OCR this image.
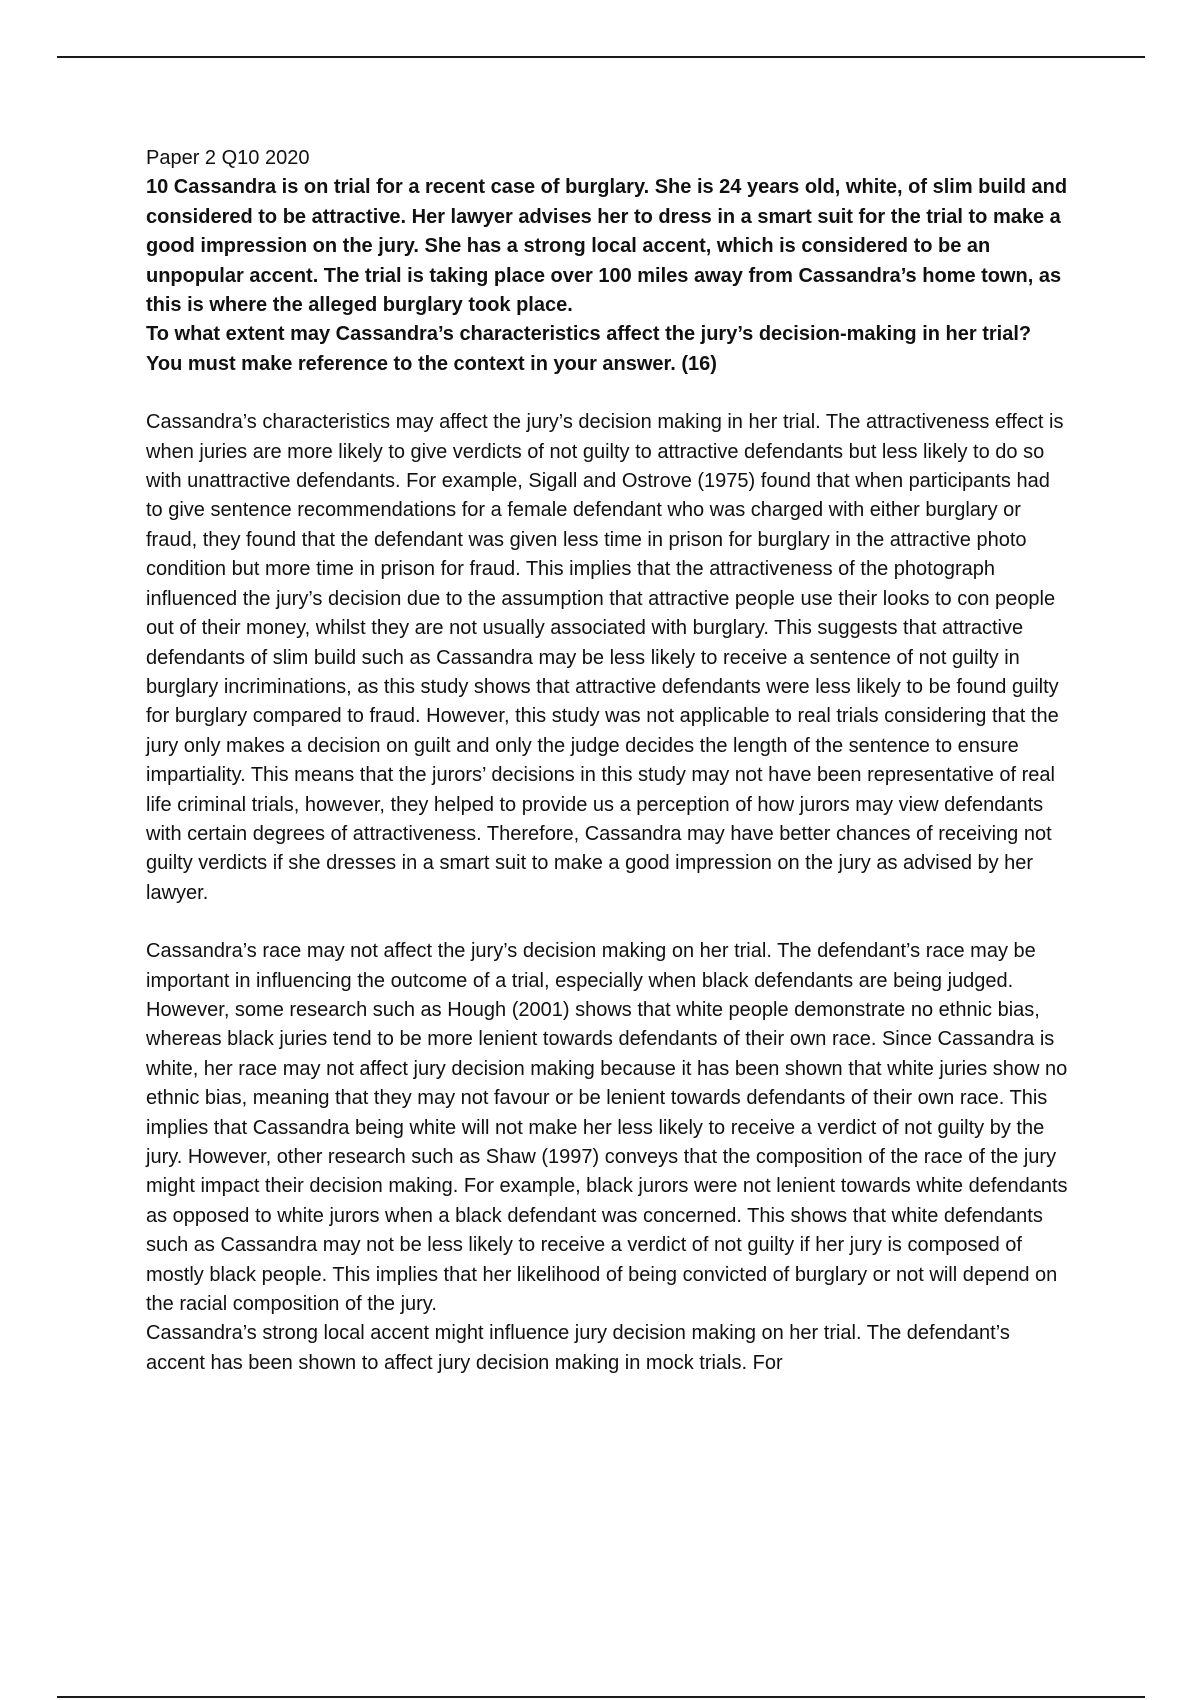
Paper 2 Q10 2020

10 Cassandra is on trial for a recent case of burglary. She is 24 years old, white, of slim build and considered to be attractive. Her lawyer advises her to dress in a smart suit for the trial to make a good impression on the jury. She has a strong local accent, which is considered to be an unpopular accent. The trial is taking place over 100 miles away from Cassandra’s home town, as this is where the alleged burglary took place.

To what extent may Cassandra’s characteristics affect the jury’s decision-making in her trial?

You must make reference to the context in your answer. (16)

Cassandra’s characteristics may affect the jury’s decision making in her trial. The attractiveness effect is when juries are more likely to give verdicts of not guilty to attractive defendants but less likely to do so with unattractive defendants. For example, Sigall and Ostrove (1975) found that when participants had to give sentence recommendations for a female defendant who was charged with either burglary or fraud, they found that the defendant was given less time in prison for burglary in the attractive photo condition but more time in prison for fraud. This implies that the attractiveness of the photograph influenced the jury’s decision due to the assumption that attractive people use their looks to con people out of their money, whilst they are not usually associated with burglary. This suggests that attractive defendants of slim build such as Cassandra may be less likely to receive a sentence of not guilty in burglary incriminations, as this study shows that attractive defendants were less likely to be found guilty for burglary compared to fraud. However, this study was not applicable to real trials considering that the jury only makes a decision on guilt and only the judge decides the length of the sentence to ensure impartiality. This means that the jurors’ decisions in this study may not have been representative of real life criminal trials, however, they helped to provide us a perception of how jurors may view defendants with certain degrees of attractiveness. Therefore, Cassandra may have better chances of receiving not guilty verdicts if she dresses in a smart suit to make a good impression on the jury as advised by her lawyer.

Cassandra’s race may not affect the jury’s decision making on her trial. The defendant’s race may be important in influencing the outcome of a trial, especially when black defendants are being judged. However, some research such as Hough (2001) shows that white people demonstrate no ethnic bias, whereas black juries tend to be more lenient towards defendants of their own race. Since Cassandra is white, her race may not affect jury decision making because it has been shown that white juries show no ethnic bias, meaning that they may not favour or be lenient towards defendants of their own race. This implies that Cassandra being white will not make her less likely to receive a verdict of not guilty by the jury. However, other research such as Shaw (1997) conveys that the composition of the race of the jury might impact their decision making. For example, black jurors were not lenient towards white defendants as opposed to white jurors when a black defendant was concerned. This shows that white defendants such as Cassandra may not be less likely to receive a verdict of not guilty if her jury is composed of mostly black people. This implies that her likelihood of being convicted of burglary or not will depend on the racial composition of the jury.

Cassandra’s strong local accent might influence jury decision making on her trial. The defendant’s accent has been shown to affect jury decision making in mock trials. For
